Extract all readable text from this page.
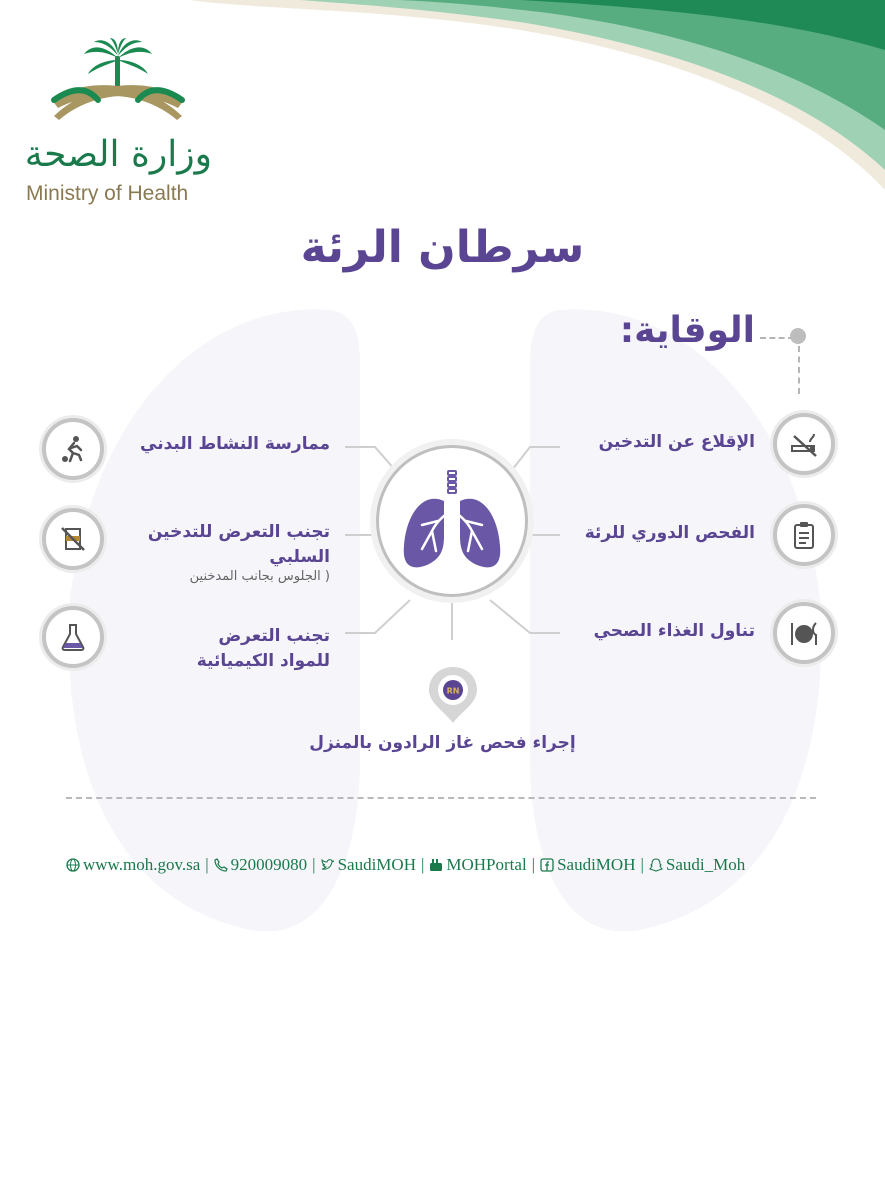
وزارة الصحة
Ministry of Health
سرطان الرئة
الوقاية:
الإقلاع عن التدخين
الفحص الدوري للرئة
تناول الغذاء الصحي
ممارسة النشاط البدني
تجنب التعرض للتدخين السلبي
( الجلوس بجانب المدخنين
تجنب التعرض للمواد الكيميائية
RN
إجراء فحص غاز الرادون بالمنزل
www.moh.gov.sa |	920009080 |	SaudiMOH |	MOHPortal |	SaudiMOH |	Saudi_Moh
